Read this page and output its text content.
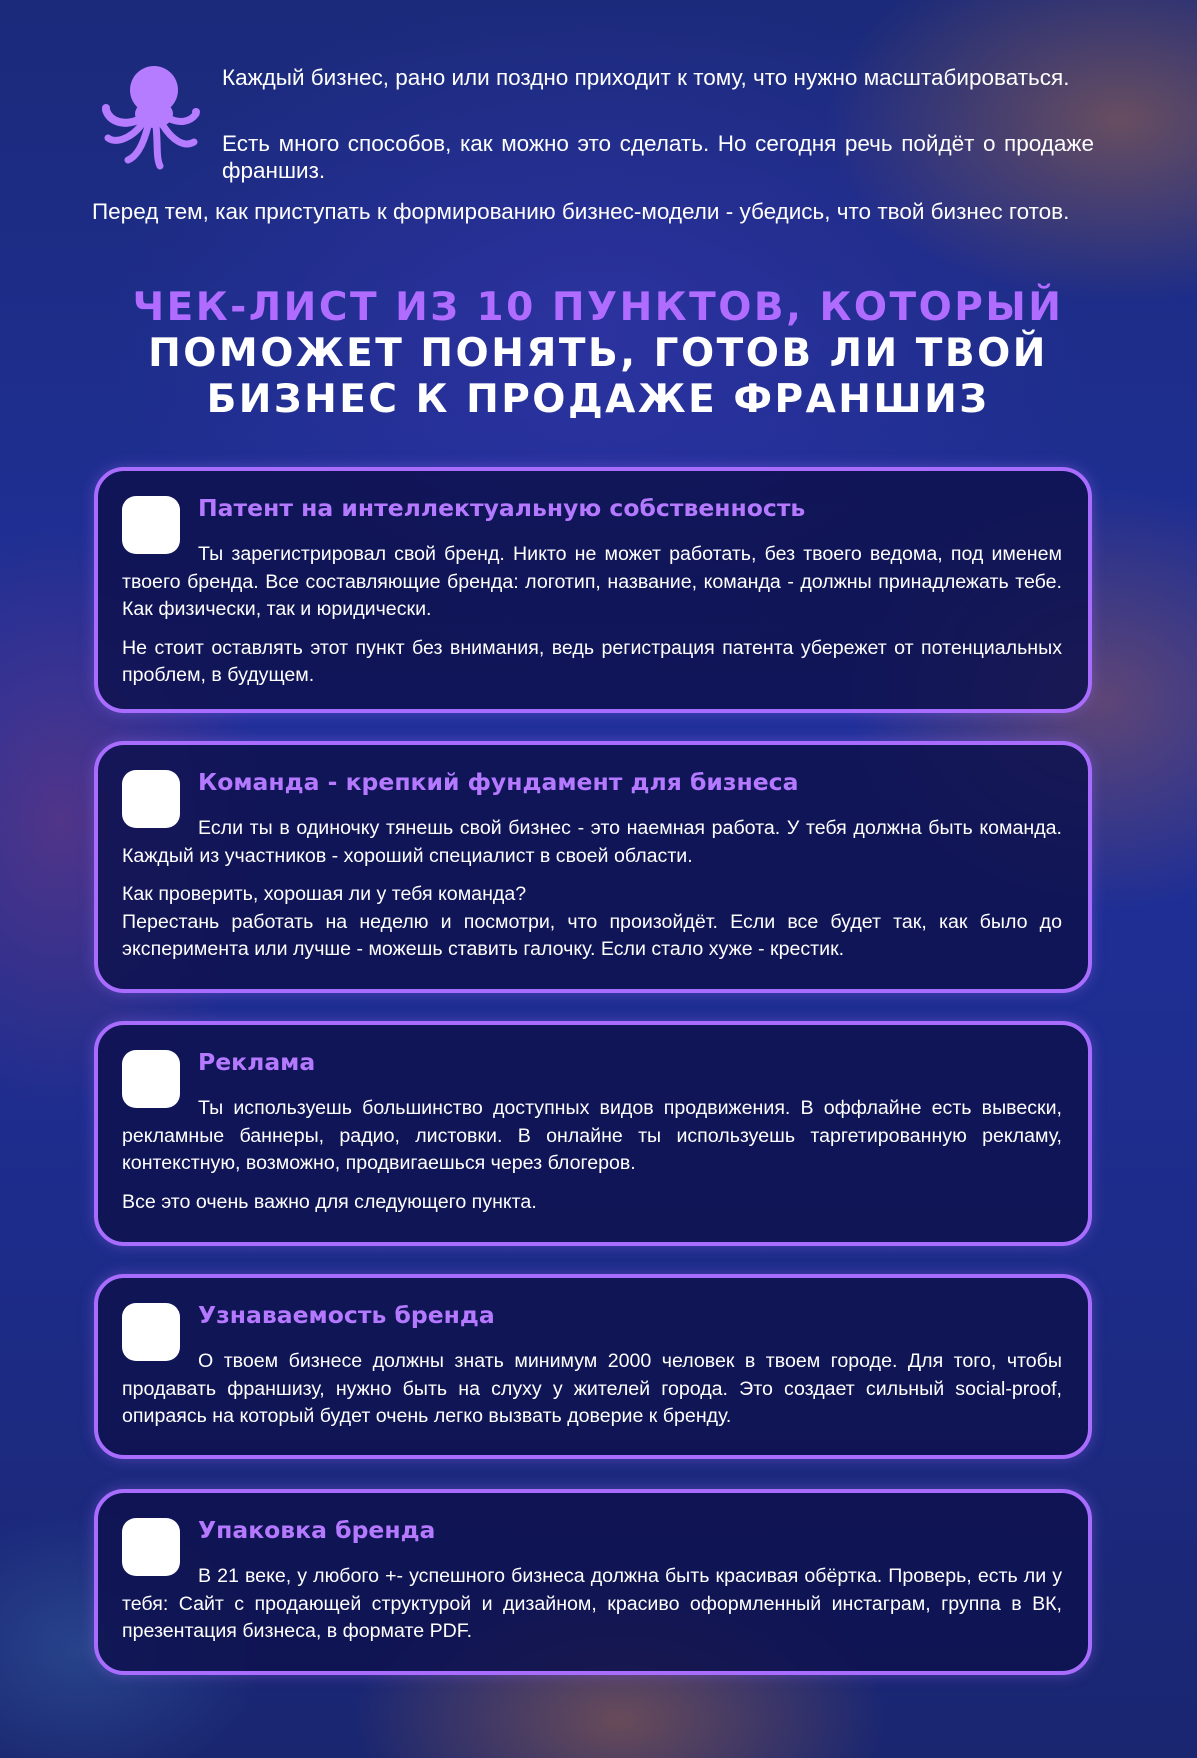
Каждый бизнес, рано или поздно приходит к тому, что нужно масштабироваться.

Есть много способов, как можно это сделать. Но сегодня речь пойдёт о продаже франшиз.

Перед тем, как приступать к формированию бизнес-модели - убедись, что твой бизнес готов.

ЧЕК-ЛИСТ ИЗ 10 ПУНКТОВ, КОТОРЫЙ
ПОМОЖЕТ ПОНЯТЬ, ГОТОВ ЛИ ТВОЙ
БИЗНЕС К ПРОДАЖЕ ФРАНШИЗ
Патент на интеллектуальную собственность

Ты зарегистрировал свой бренд. Никто не может работать, без твоего ведома, под именем твоего бренда. Все составляющие бренда: логотип, название, команда - должны принадлежать тебе. Как физически, так и юридически.

Не стоит оставлять этот пункт без внимания, ведь регистрация патента убережет от потенциальных проблем, в будущем.

Команда - крепкий фундамент для бизнеса

Если ты в одиночку тянешь свой бизнес - это наемная работа. У тебя должна быть команда. Каждый из участников - хороший специалист в своей области.

Как проверить, хорошая ли у тебя команда?

Перестань работать на неделю и посмотри, что произойдёт. Если все будет так, как было до эксперимента или лучше - можешь ставить галочку. Если стало хуже - крестик.

Реклама

Ты используешь большинство доступных видов продвижения. В оффлайне есть вывески, рекламные баннеры, радио, листовки. В онлайне ты используешь таргетированную рекламу, контекстную, возможно, продвигаешься через блогеров.

Все это очень важно для следующего пункта.

Узнаваемость бренда

О твоем бизнесе должны знать минимум 2000 человек в твоем городе. Для того, чтобы продавать франшизу, нужно быть на слуху у жителей города. Это создает сильный social-proof, опираясь на который будет очень легко вызвать доверие к бренду.

Упаковка бренда

В 21 веке, у любого +- успешного бизнеса должна быть красивая обёртка. Проверь, есть ли у тебя: Сайт с продающей структурой и дизайном, красиво оформленный инстаграм, группа в ВК, презентация бизнеса, в формате PDF.
